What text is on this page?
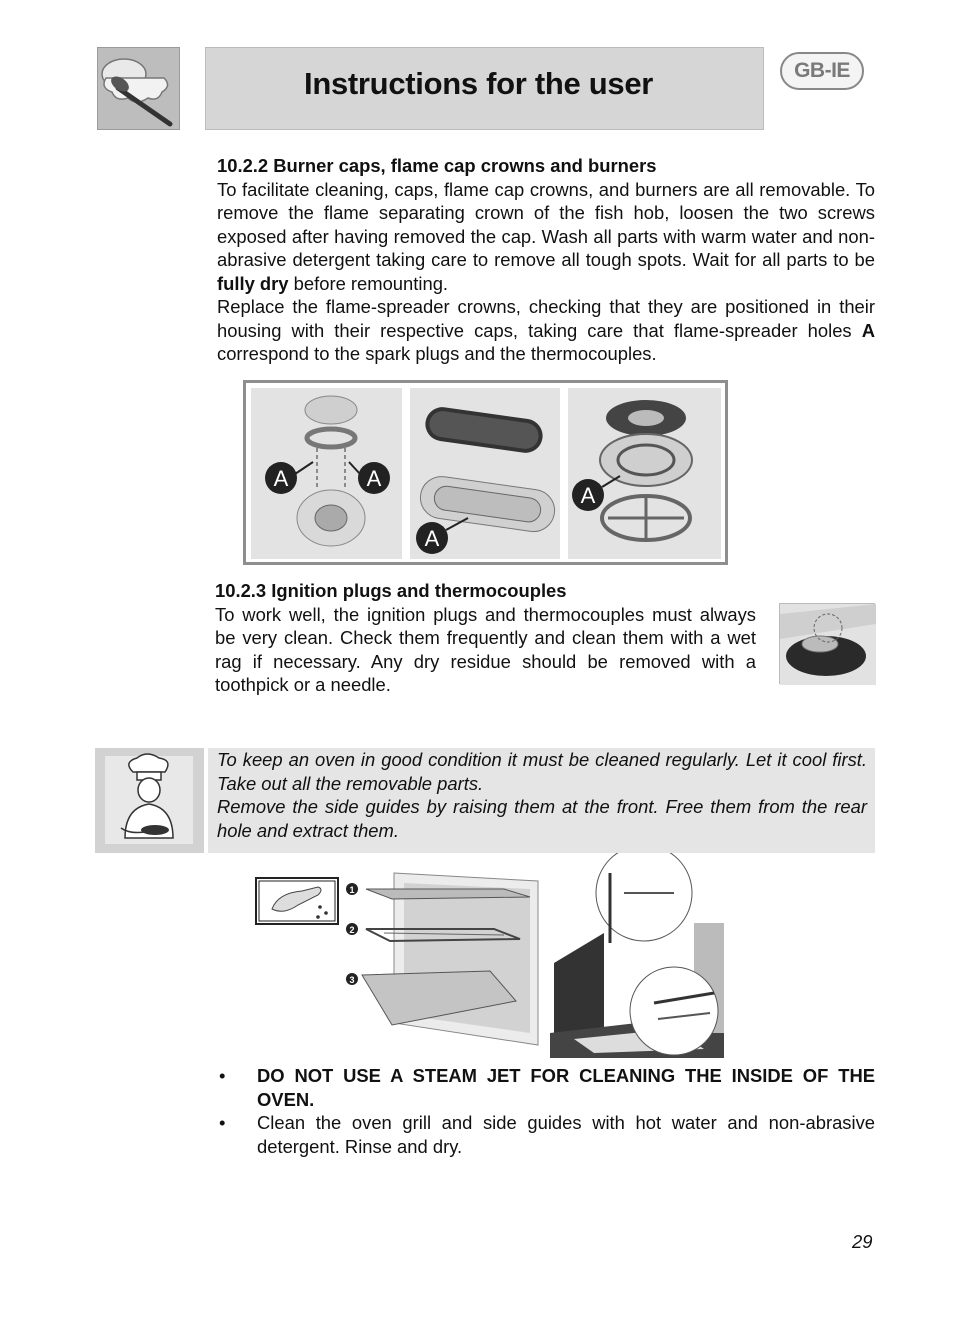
Instructions for the user	GB-IE
10.2.2 Burner caps, flame cap crowns and burners

To facilitate cleaning, caps, flame cap crowns, and burners are all removable. To remove the flame separating crown of the fish hob, loosen the two screws exposed after having removed the cap. Wash all parts with warm water and non-abrasive detergent taking care to remove all tough spots. Wait for all parts to be fully dry before remounting.

Replace the flame-spreader crowns, checking that they are positioned in their housing with their respective caps, taking care that flame-spreader holes A correspond to the spark plugs and the thermocouples.

A	A
A
A
10.2.3 Ignition plugs and thermocouples

To work well, the ignition plugs and thermocouples must always be very clean. Check them frequently and clean them with a wet rag if necessary. Any dry residue should be removed with a toothpick or a needle.

To keep an oven in good condition it must be cleaned regularly. Let it cool first. Take out all the removable parts.

Remove the side guides by raising them at the front. Free them from the rear hole and extract them.

1
2
3
• DO NOT USE A STEAM JET FOR CLEANING THE INSIDE OF THE OVEN.
• Clean the oven grill and side guides with hot water and non-abrasive detergent. Rinse and dry.
29
